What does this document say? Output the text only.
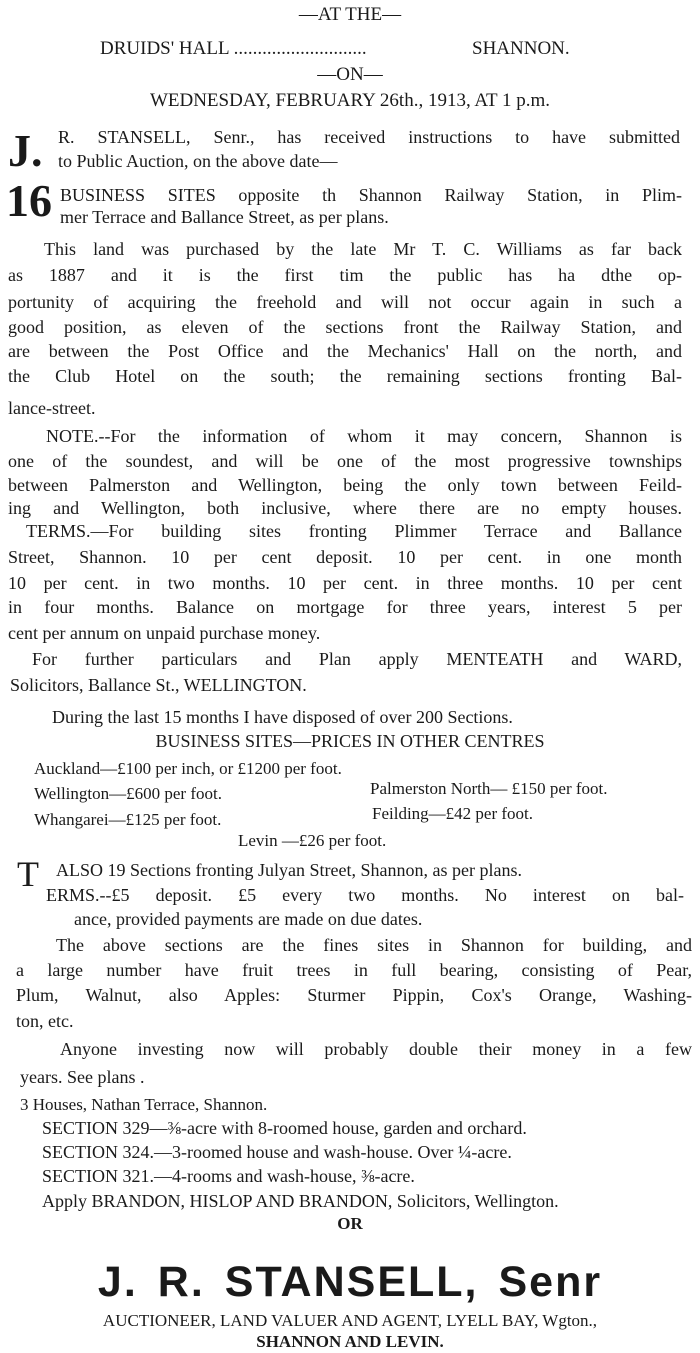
—AT THE—
DRUIDS' HALL ............................	SHANNON.
—ON—
WEDNESDAY, FEBRUARY 26th., 1913, AT 1 p.m.
J. R. STANSELL, Senr., has received instructions to have submitted
to Public Auction, on the above date—
16 BUSINESS SITES opposite th Shannon Railway Station, in Plim-
mer Terrace and Ballance Street, as per plans.
This land was purchased by the late Mr T. C. Williams as far back
as 1887 and it is the first tim the public has ha dthe op-
portunity of acquiring the freehold and will not occur again in such a
good position, as eleven of the sections front the Railway Station, and
are between the Post Office and the Mechanics' Hall on the north, and
the Club Hotel on the south; the remaining sections fronting Bal-
lance-street.
NOTE.--For the information of whom it may concern, Shannon is
one of the soundest, and will be one of the most progressive townships
between Palmerston and Wellington, being the only town between Feild-
ing and Wellington, both inclusive, where there are no empty houses.
TERMS.—For building sites fronting Plimmer Terrace and Ballance
Street, Shannon. 10 per cent deposit. 10 per cent. in one month
10 per cent. in two months. 10 per cent. in three months. 10 per cent
in four months. Balance on mortgage for three years, interest 5 per
cent per annum on unpaid purchase money.
For further particulars and Plan apply MENTEATH and WARD,
Solicitors, Ballance St., WELLINGTON.
During the last 15 months I have disposed of over 200 Sections.
BUSINESS SITES—PRICES IN OTHER CENTRES
Auckland—£100 per inch, or £1200 per foot.
Wellington—£600 per foot.	Palmerston North— £150 per foot.
Whangarei—£125 per foot.	Feilding—£42 per foot.
Levin —£26 per foot.
ALSO 19 Sections fronting Julyan Street, Shannon, as per plans.
T
ERMS.--£5 deposit. £5 every two months. No interest on bal-
ance, provided payments are made on due dates.
The above sections are the fines sites in Shannon for building, and
a large number have fruit trees in full bearing, consisting of Pear,
Plum, Walnut, also Apples: Sturmer Pippin, Cox's Orange, Washing-
ton, etc.
Anyone investing now will probably double their money in a few
years. See plans .
3 Houses, Nathan Terrace, Shannon.
SECTION 329—⅜-acre with 8-roomed house, garden and orchard.
SECTION 324.—3-roomed house and wash-house. Over ¼-acre.
SECTION 321.—4-rooms and wash-house, ⅜-acre.
Apply BRANDON, HISLOP AND BRANDON, Solicitors, Wellington.
OR
J. R. STANSELL, Senr
AUCTIONEER, LAND VALUER AND AGENT, LYELL BAY, Wgton.,
SHANNON AND LEVIN.
